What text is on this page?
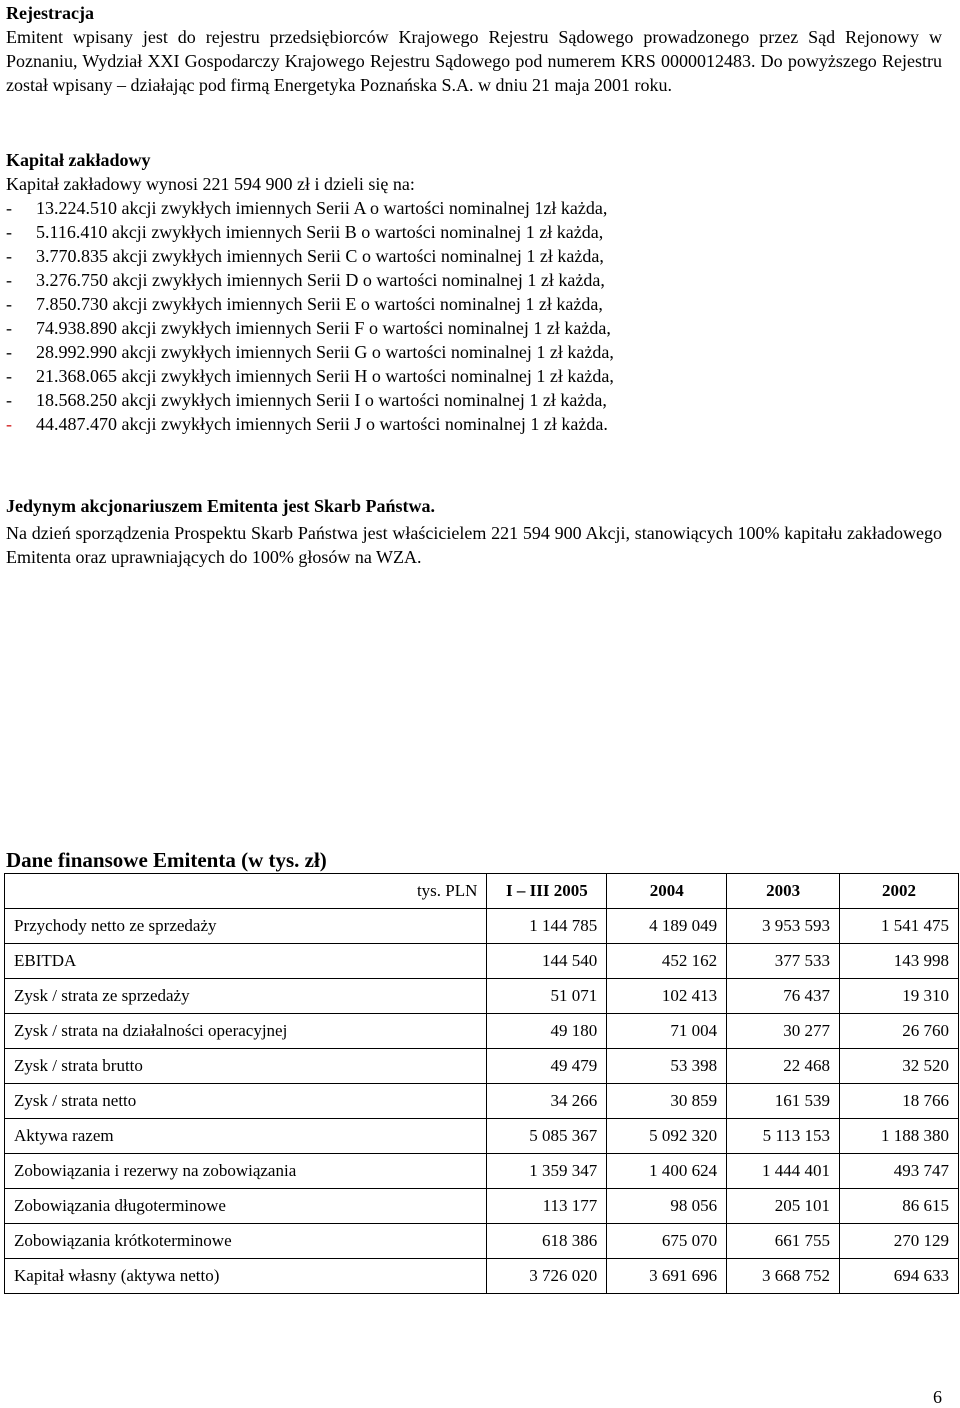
Rejestracja
Emitent wpisany jest do rejestru przedsiębiorców Krajowego Rejestru Sądowego prowadzonego przez Sąd Rejonowy w Poznaniu, Wydział XXI Gospodarczy Krajowego Rejestru Sądowego pod numerem KRS 0000012483. Do powyższego Rejestru został wpisany – działając pod firmą Energetyka Poznańska S.A. w dniu 21 maja 2001 roku.
Kapitał zakładowy
Kapitał zakładowy wynosi 221 594 900 zł i dzieli się na:
- 13.224.510 akcji zwykłych imiennych Serii A o wartości nominalnej 1zł każda,
- 5.116.410 akcji zwykłych imiennych Serii B o wartości nominalnej 1 zł każda,
- 3.770.835 akcji zwykłych imiennych Serii C o wartości nominalnej 1 zł każda,
- 3.276.750 akcji zwykłych imiennych Serii D o wartości nominalnej 1 zł każda,
- 7.850.730 akcji zwykłych imiennych Serii E o wartości nominalnej 1 zł każda,
- 74.938.890 akcji zwykłych imiennych Serii F o wartości nominalnej 1 zł każda,
- 28.992.990 akcji zwykłych imiennych Serii G o wartości nominalnej 1 zł każda,
- 21.368.065 akcji zwykłych imiennych Serii H o wartości nominalnej 1 zł każda,
- 18.568.250 akcji zwykłych imiennych Serii I o wartości nominalnej 1 zł każda,
- 44.487.470 akcji zwykłych imiennych Serii J o wartości nominalnej 1 zł każda.
Jedynym akcjonariuszem Emitenta jest Skarb Państwa.
Na dzień sporządzenia Prospektu Skarb Państwa jest właścicielem 221 594 900 Akcji, stanowiących 100% kapitału zakładowego Emitenta oraz uprawniających do 100% głosów na WZA.
Dane finansowe Emitenta (w tys. zł)
	tys. PLN	I – III 2005	2004	2003	2002
Przychody netto ze sprzedaży		1 144 785	4 189 049	3 953 593	1 541 475
EBITDA		144 540	452 162	377 533	143 998
Zysk / strata ze sprzedaży		51 071	102 413	76 437	19 310
Zysk / strata na działalności operacyjnej		49 180	71 004	30 277	26 760
Zysk / strata brutto		49 479	53 398	22 468	32 520
Zysk / strata netto		34 266	30 859	161 539	18 766
Aktywa razem		5 085 367	5 092 320	5 113 153	1 188 380
Zobowiązania i rezerwy na zobowiązania		1 359 347	1 400 624	1 444 401	493 747
Zobowiązania długoterminowe		113 177	98 056	205 101	86 615
Zobowiązania krótkoterminowe		618 386	675 070	661 755	270 129
Kapitał własny (aktywa netto)		3 726 020	3 691 696	3 668 752	694 633
6
